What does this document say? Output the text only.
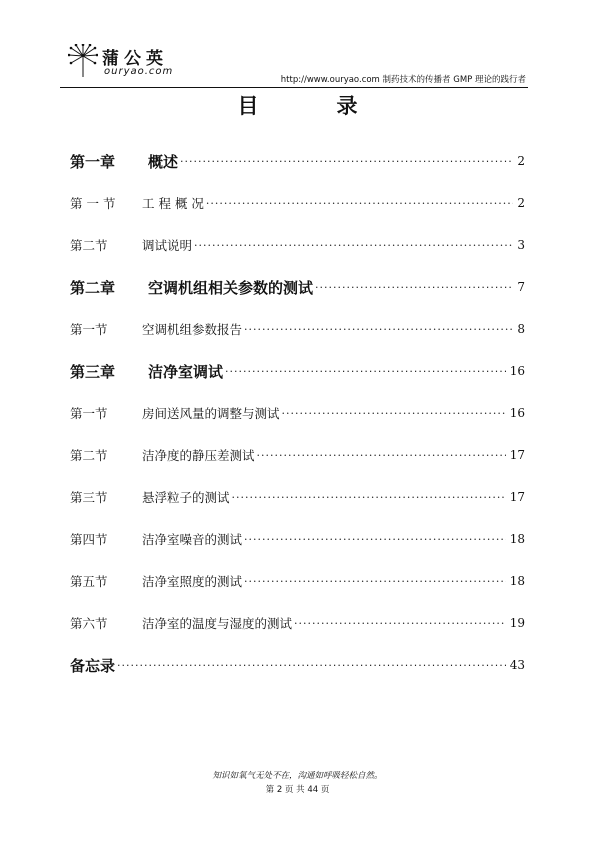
蒲公英
ouryao.com
http://www.ouryao.com 制药技术的传播者 GMP 理论的践行者
目录
第一章	概述 ·····	2
第 一 节	工 程 概 况 ·····	2
第二节	调试说明 ·····	3
第二章	空调机组相关参数的测试 ·····	7
第一节	空调机组参数报告 ·····	8
第三章	洁净室调试 ·····	16
第一节	房间送风量的调整与测试 ·····	16
第二节	洁净度的静压差测试 ·····	17
第三节	悬浮粒子的测试 ·····	17
第四节	洁净室噪音的测试 ·····	18
第五节	洁净室照度的测试 ·····	18
第六节	洁净室的温度与湿度的测试 ·····	19
备忘录 ·····	43
知识如氧气无处不在，沟通如呼吸轻松自然。
第 2 页 共 44 页
